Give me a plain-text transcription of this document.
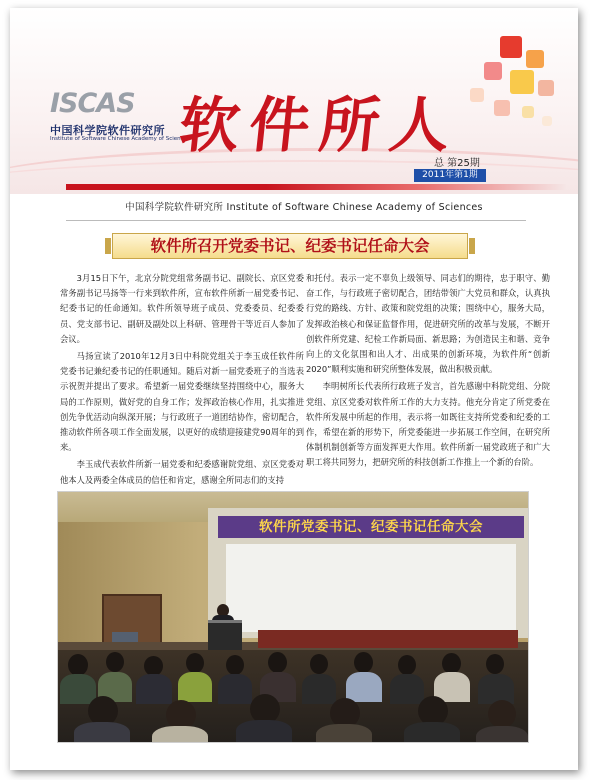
ISCAS
中国科学院软件研究所
Institute of Software Chinese Academy of Sciences
软件所人
总 第25期
2011年第1期
中国科学院软件研究所 Institute of Software Chinese Academy of Sciences
软件所召开党委书记、纪委书记任命大会

3月15日下午，北京分院党组常务副书记、副院长、京区党委常务副书记马扬等一行来到软件所，宣布软件所新一届党委书记、纪委书记的任命通知。软件所领导班子成员、党委委员、纪委委员、党支部书记、副研及副处以上科研、管理骨干等近百人参加了会议。

马扬宣读了2010年12月3日中科院党组关于李玉成任软件所党委书记兼纪委书记的任职通知。随后对新一届党委班子的当选表示祝贺并提出了要求。希望新一届党委继续坚持围绕中心，服务大局的工作原则，做好党的自身工作；发挥政治核心作用，扎实推进创先争优活动向纵深开展；与行政班子一道团结协作，密切配合，推动软件所各项工作全面发展，以更好的成绩迎接建党90周年的到来。

李玉成代表软件所新一届党委和纪委感谢院党组、京区党委对他本人及两委全体成员的信任和肯定，感谢全所同志们的支持

和托付。表示一定不辜负上级领导、同志们的期待，忠于职守、勤奋工作，与行政班子密切配合，团结带领广大党员和群众，认真执行党的路线、方针、政策和院党组的决策；围绕中心，服务大局，发挥政治核心和保证监督作用，促进研究所的改革与发展，不断开创软件所党建、纪检工作新局面、新思路；为创造民主和谐、竞争向上的文化氛围和出人才、出成果的创新环境，为软件所“创新2020”顺利实施和研究所整体发展，做出积极贡献。

李明树所长代表所行政班子发言，首先感谢中科院党组、分院党组、京区党委对软件所工作的大力支持。他充分肯定了所党委在软件所发展中所起的作用，表示将一如既往支持所党委和纪委的工作，希望在新的形势下，所党委能进一步拓展工作空间，在研究所体制机制创新等方面发挥更大作用。软件所新一届党政班子和广大职工将共同努力，把研究所的科技创新工作推上一个新的台阶。

软件所党委书记、纪委书记任命大会
